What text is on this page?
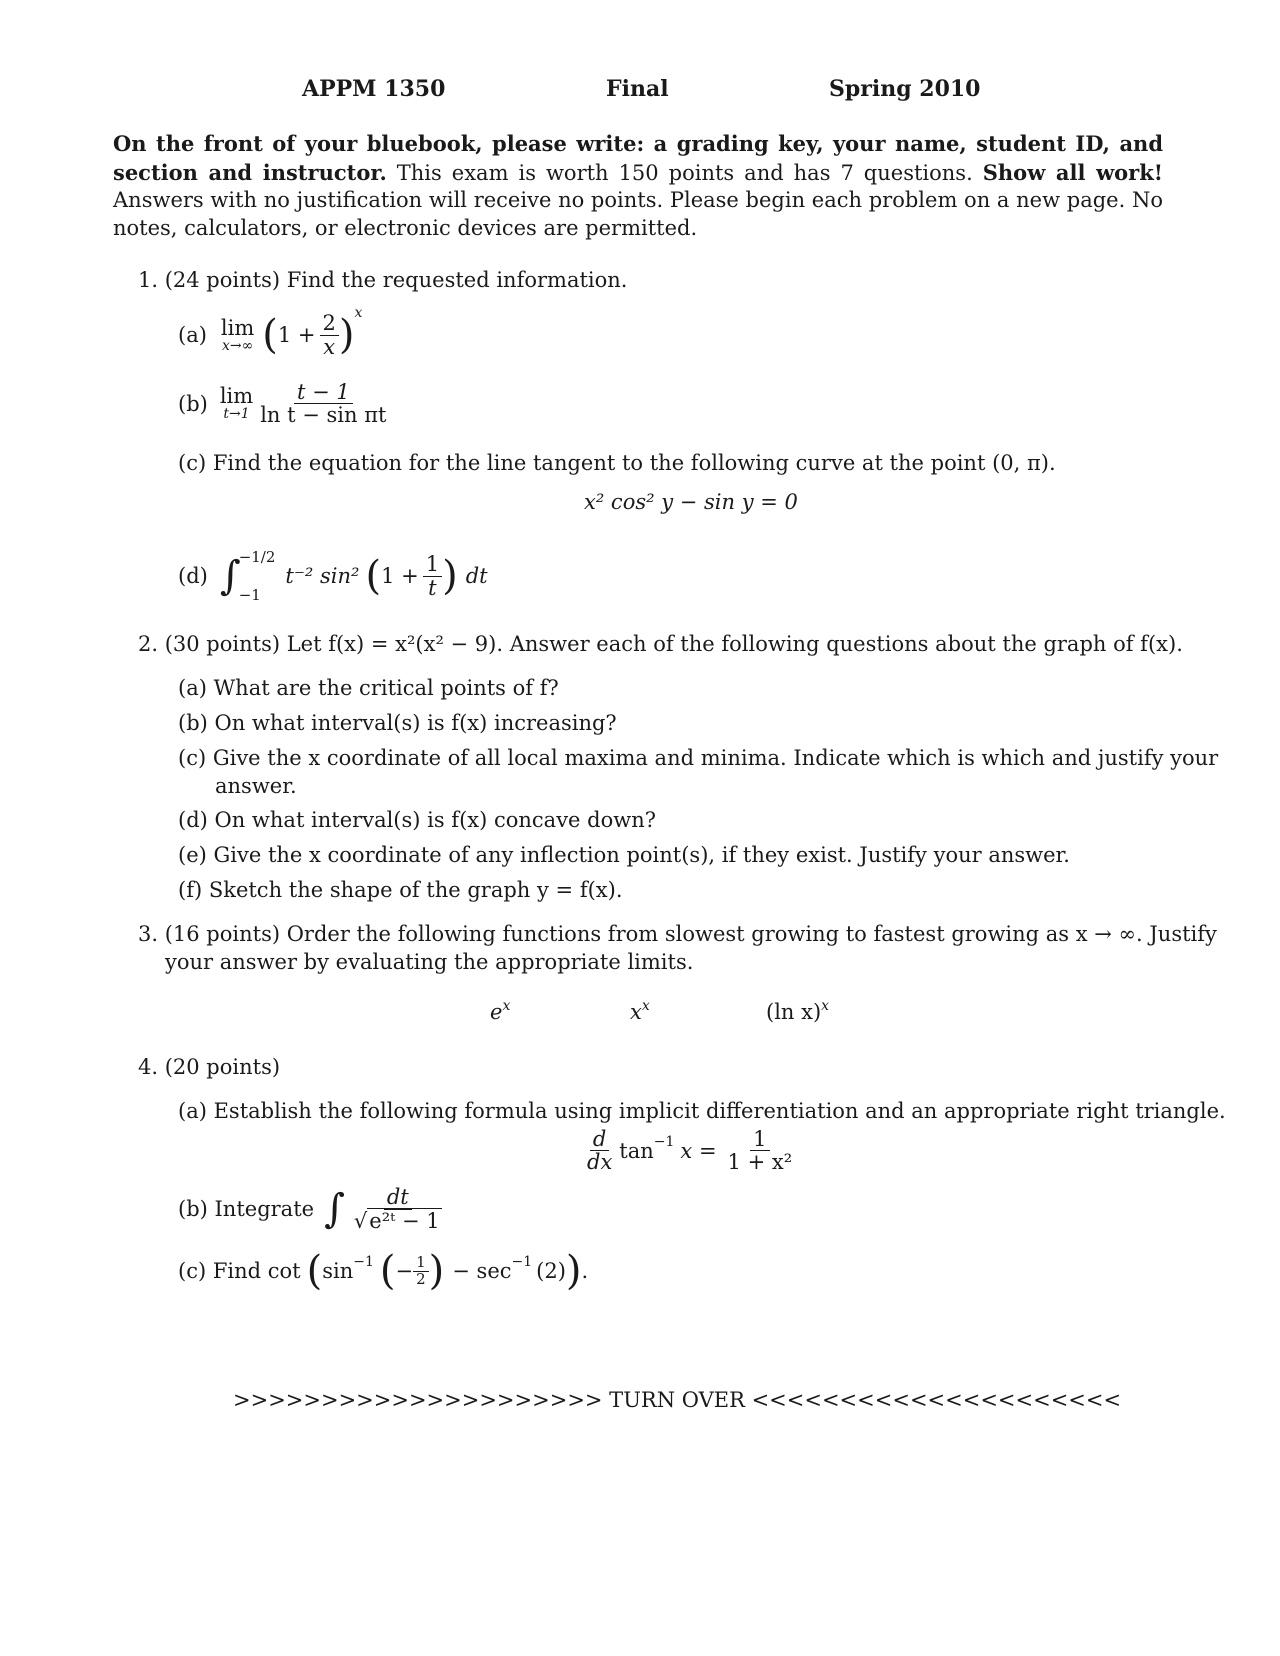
APPM 1350	Final	Spring 2010
On the front of your bluebook, please write: a grading key, your name, student ID, and section and instructor. This exam is worth 150 points and has 7 questions. Show all work! Answers with no justification will receive no points. Please begin each problem on a new page. No notes, calculators, or electronic devices are permitted.
1. (24 points) Find the requested information.
(a) lim
x→∞ ( $1 + \frac{2}{x}$ ) x
(b) lim
$t\to 1 \frac{t - 1}{\text{ln t − sin πt}}$
(c) Find the equation for the line tangent to the following curve at the point (0, π).
x² cos² y − sin y = 0
(d) ∫
−1/2
−1
t⁻² sin² ( $1 + \frac{1}{t}$ ) dt
2. (30 points) Let f(x) = x²(x² − 9). Answer each of the following questions about the graph of f(x).
(a) What are the critical points of f?
(b) On what interval(s) is f(x) increasing?
(c) Give the x coordinate of all local maxima and minima. Indicate which is which and justify your
answer.
(d) On what interval(s) is f(x) concave down?
(e) Give the x coordinate of any inflection point(s), if they exist. Justify your answer.
(f) Sketch the shape of the graph y = f(x).
3. (16 points) Order the following functions from slowest growing to fastest growing as x → ∞. Justify
your answer by evaluating the appropriate limits.
$e^x$	$x^x$	(ln x)$^x$
4. (20 points)
(a) Establish the following formula using implicit differentiation and an appropriate right triangle.
$\frac{d}{dx}$ tan −1 $x = \frac{1}{\text{1 + x²}}$
(b) Integrate ∫ $\frac{dt}{\text{√e²ᵗ − 1}}$
(c) Find cot ( sin −1 ( − $\frac{1}{2}$ ) − sec −1 (2) ) .
>>>>>>>>>>>>>>>>>>>>> TURN OVER <<<<<<<<<<<<<<<<<<<<<
